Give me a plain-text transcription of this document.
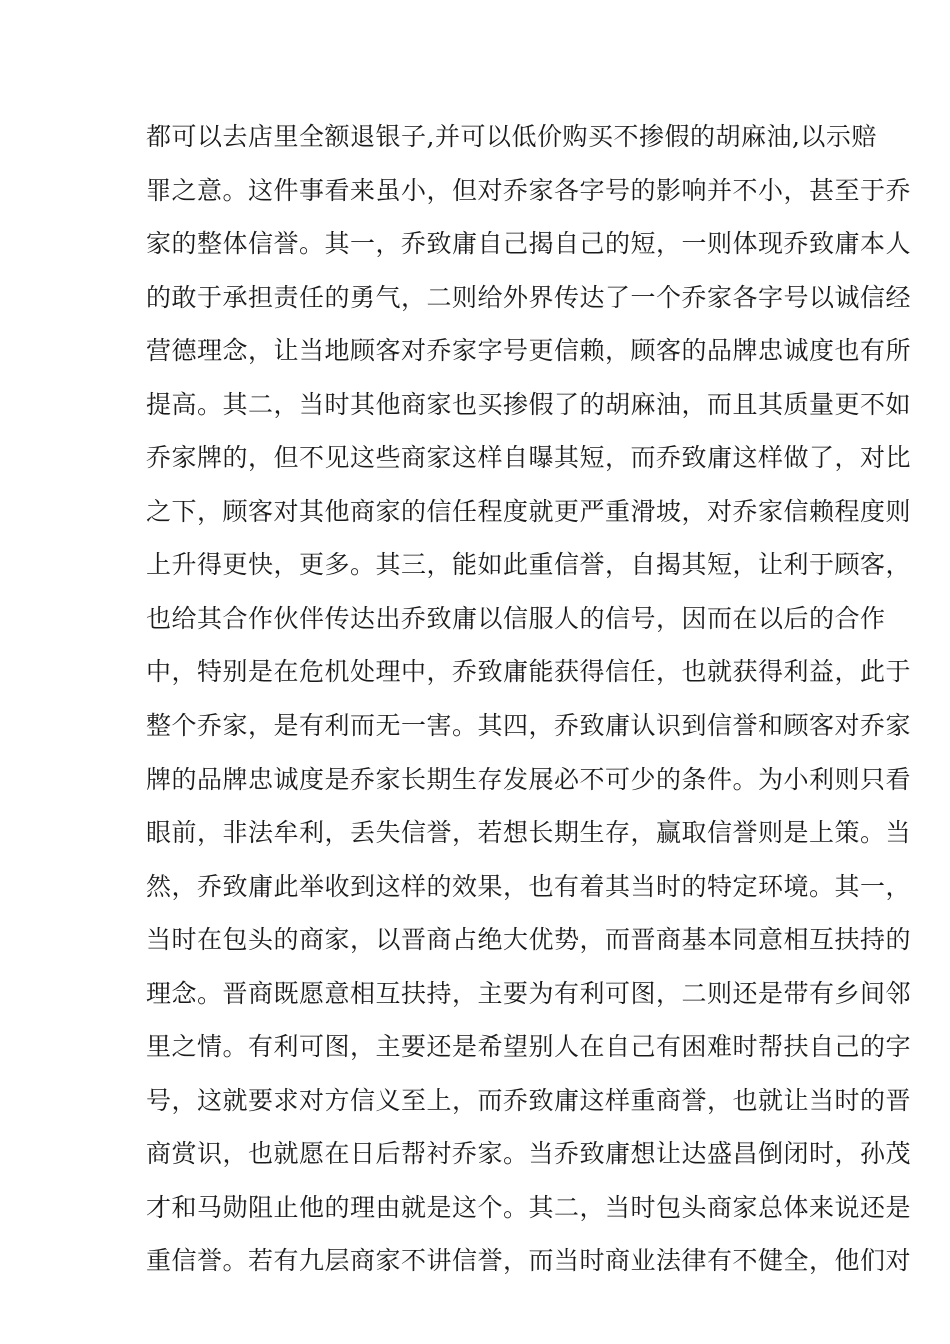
都可以去店里全额退银子,并可以低价购买不掺假的胡麻油,以示赔
罪之意。这件事看来虽小，但对乔家各字号的影响并不小，甚至于乔
家的整体信誉。其一，乔致庸自己揭自己的短，一则体现乔致庸本人
的敢于承担责任的勇气，二则给外界传达了一个乔家各字号以诚信经
营德理念，让当地顾客对乔家字号更信赖，顾客的品牌忠诚度也有所
提高。其二，当时其他商家也买掺假了的胡麻油，而且其质量更不如
乔家牌的，但不见这些商家这样自曝其短，而乔致庸这样做了，对比
之下，顾客对其他商家的信任程度就更严重滑坡，对乔家信赖程度则
上升得更快，更多。其三，能如此重信誉，自揭其短，让利于顾客，
也给其合作伙伴传达出乔致庸以信服人的信号，因而在以后的合作
中，特别是在危机处理中，乔致庸能获得信任，也就获得利益，此于
整个乔家，是有利而无一害。其四，乔致庸认识到信誉和顾客对乔家
牌的品牌忠诚度是乔家长期生存发展必不可少的条件。为小利则只看
眼前，非法牟利，丢失信誉，若想长期生存，赢取信誉则是上策。当
然，乔致庸此举收到这样的效果，也有着其当时的特定环境。其一，
当时在包头的商家，以晋商占绝大优势，而晋商基本同意相互扶持的
理念。晋商既愿意相互扶持，主要为有利可图，二则还是带有乡间邻
里之情。有利可图，主要还是希望别人在自己有困难时帮扶自己的字
号，这就要求对方信义至上，而乔致庸这样重商誉，也就让当时的晋
商赏识，也就愿在日后帮衬乔家。当乔致庸想让达盛昌倒闭时，孙茂
才和马勋阻止他的理由就是这个。其二，当时包头商家总体来说还是
重信誉。若有九层商家不讲信誉，而当时商业法律有不健全，他们对
